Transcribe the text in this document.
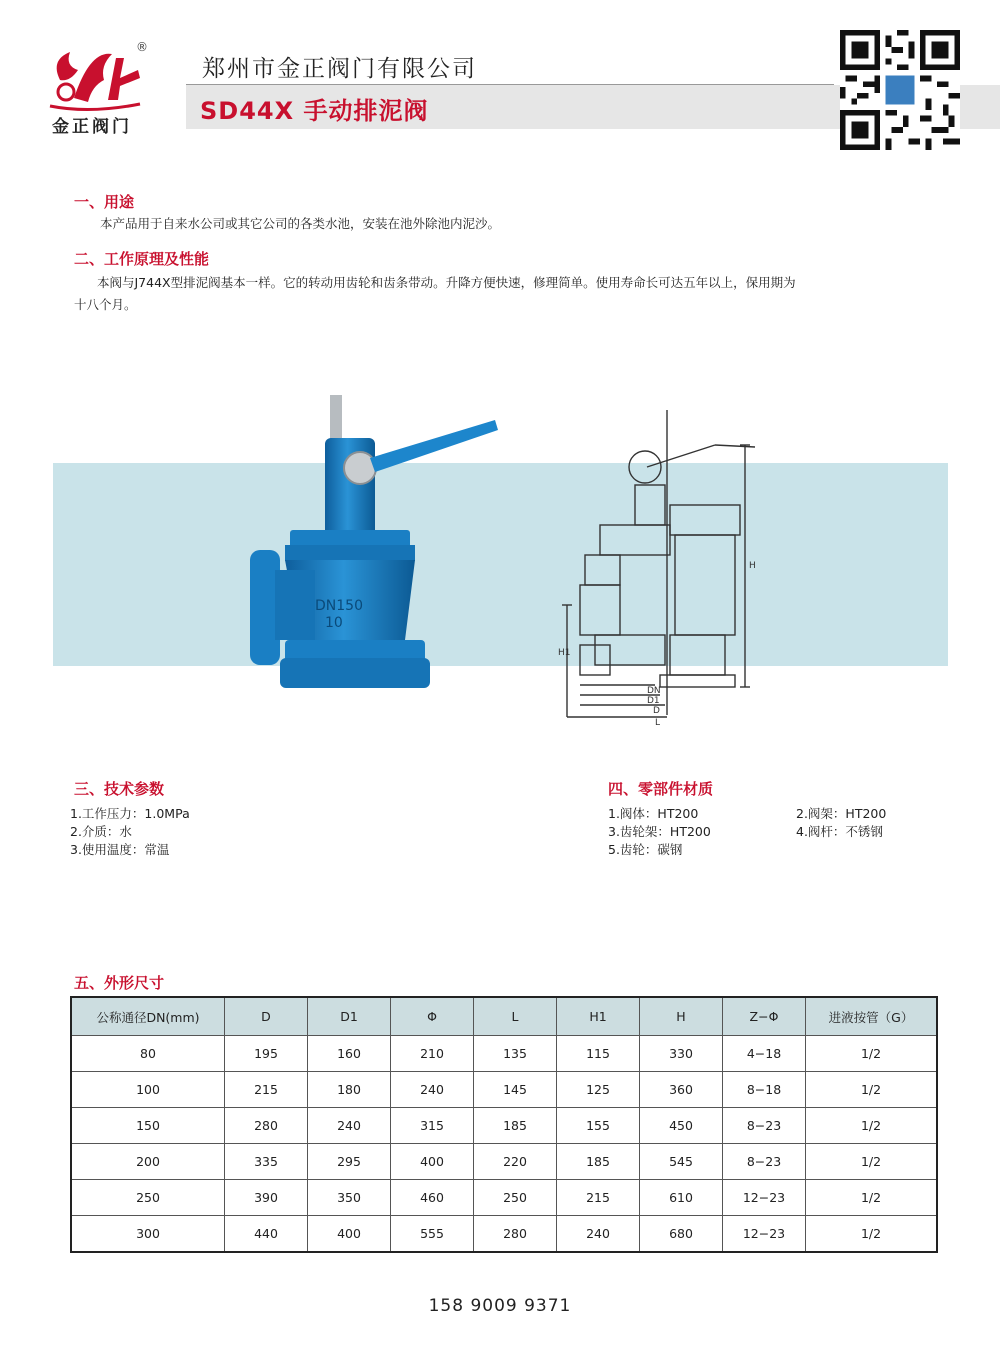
®
金正阀门
郑州市金正阀门有限公司
SD44X 手动排泥阀
一、用途
本产品用于自来水公司或其它公司的各类水池，安装在池外除池内泥沙。
二、工作原理及性能
本阀与J744X型排泥阀基本一样。它的转动用齿轮和齿条带动。升降方便快速，修理简单。使用寿命长可达五年以上，保用期为
十八个月。
DN150
10
H
H1
DN
D1
D
L
三、技术参数
1.工作压力：1.0MPa
2.介质：水
3.使用温度：常温
四、零部件材质
1.阀体：HT200	2.阀架：HT200
3.齿轮架：HT200	4.阀杆：不锈钢
5.齿轮：碳钢
五、外形尺寸
公称通径DN(mm)	D	D1	Φ	L	H1	H	Z−Φ	进液按管（G）
80	195	160	210	135	115	330	4−18	1/2
100	215	180	240	145	125	360	8−18	1/2
150	280	240	315	185	155	450	8−23	1/2
200	335	295	400	220	185	545	8−23	1/2
250	390	350	460	250	215	610	12−23	1/2
300	440	400	555	280	240	680	12−23	1/2
158 9009 9371
